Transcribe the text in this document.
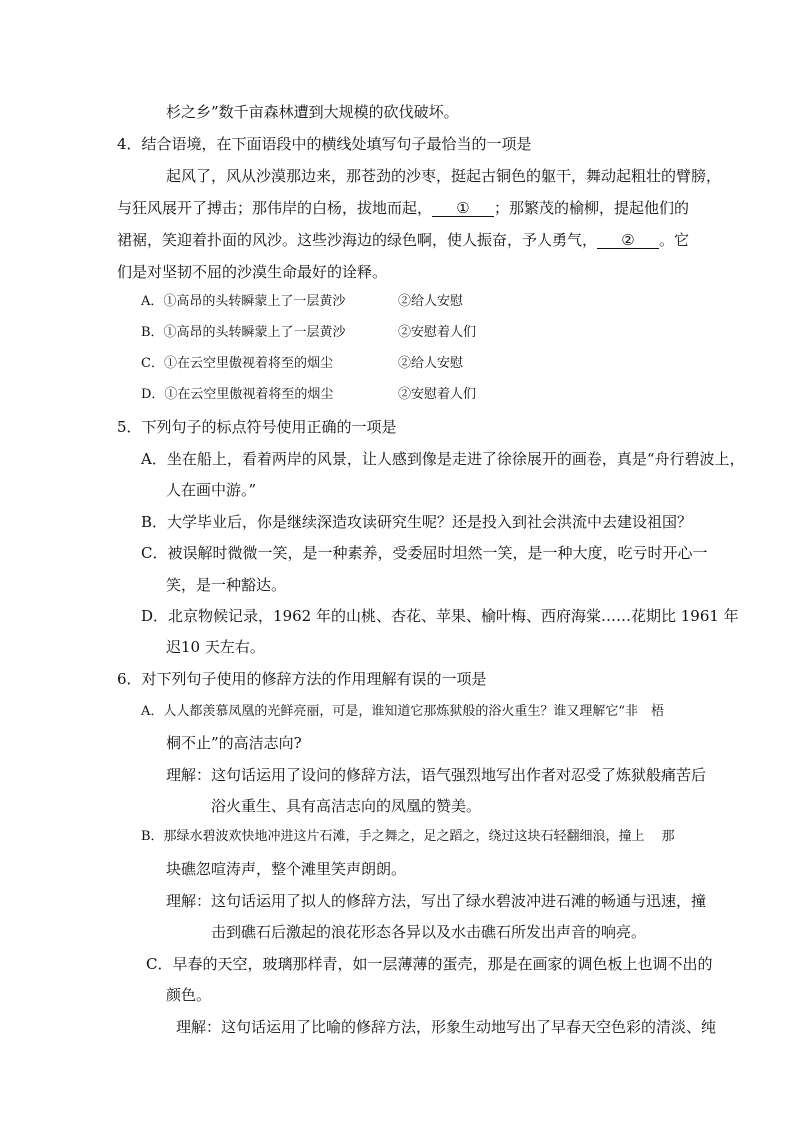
杉之乡”数千亩森林遭到大规模的砍伐破坏。
4．结合语境，在下面语段中的横线处填写句子最恰当的一项是
起风了，风从沙漠那边来，那苍劲的沙枣，挺起古铜色的躯干，舞动起粗壮的臂膀，
与狂风展开了搏击；那伟岸的白杨，拔地而起， ① ；那繁茂的榆柳，提起他们的
裙裾，笑迎着扑面的风沙。这些沙海边的绿色啊，使人振奋，予人勇气， ② 。它
们是对坚韧不屈的沙漠生命最好的诠释。
A．①高昂的头转瞬蒙上了一层黄沙	②给人安慰
B．①高昂的头转瞬蒙上了一层黄沙	②安慰着人们
C．①在云空里傲视着将至的烟尘	②给人安慰
D．①在云空里傲视着将至的烟尘	②安慰着人们
5．下列句子的标点符号使用正确的一项是
A．坐在船上，看着两岸的风景，让人感到像是走进了徐徐展开的画卷，真是“舟行碧波上，
人在画中游。”
B．大学毕业后，你是继续深造攻读研究生呢？还是投入到社会洪流中去建设祖国？
C．被误解时微微一笑，是一种素养，受委屈时坦然一笑，是一种大度，吃亏时开心一
笑，是一种豁达。
D．北京物候记录，1962 年的山桃、杏花、苹果、榆叶梅、西府海棠……花期比 1961 年
迟10 天左右。
6．对下列句子使用的修辞方法的作用理解有误的一项是
A．人人都羡慕凤凰的光鲜亮丽，可是，谁知道它那炼狱般的浴火重生？谁又理解它“非　梧
桐不止”的高洁志向?
理解：这句话运用了设问的修辞方法，语气强烈地写出作者对忍受了炼狱般痛苦后
浴火重生、具有高洁志向的凤凰的赞美。
B．那绿水碧波欢快地冲进这片石滩，手之舞之，足之蹈之，绕过这块石轻翻细浪，撞上　 那
块礁忽喧涛声，整个滩里笑声朗朗。
理解：这句话运用了拟人的修辞方法，写出了绿水碧波冲进石滩的畅通与迅速，撞
击到礁石后激起的浪花形态各异以及水击礁石所发出声音的响亮。
C．早春的天空，玻璃那样青，如一层薄薄的蛋壳，那是在画家的调色板上也调不出的
颜色。
理解：这句话运用了比喻的修辞方法，形象生动地写出了早春天空色彩的清淡、纯
